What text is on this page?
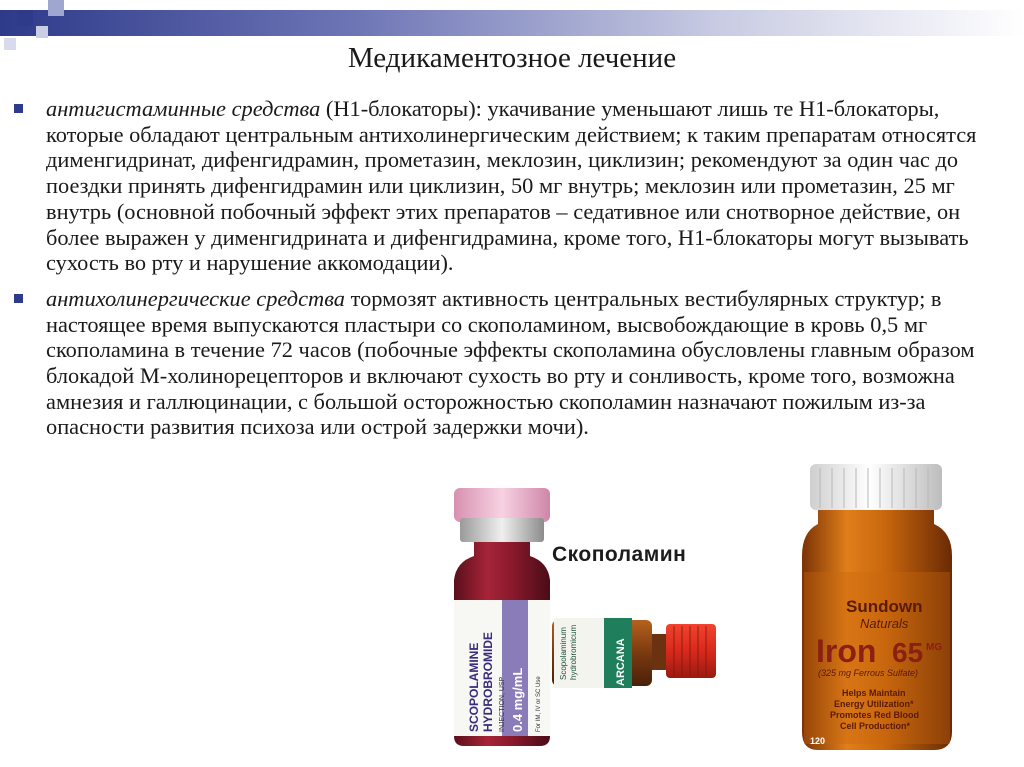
Медикаментозное лечение
антигистаминные средства (Н1-блокаторы): укачивание уменьшают лишь те Н1-блокаторы, которые обладают центральным антихолинергическим действием; к таким препаратам относятся дименгидринат, дифенгидрамин, прометазин, меклозин, циклизин; рекомендуют за один час до поездки принять дифенгидрамин или циклизин, 50 мг внутрь; меклозин или прометазин, 25 мг внутрь (основной побочный эффект этих препаратов – седативное или снотворное действие, он более выражен у дименгидрината и дифенгидрамина, кроме того, Н1-блокаторы могут вызывать сухость во рту и нарушение аккомодации).
антихолинергические средства тормозят активность центральных вестибулярных структур; в настоящее время выпускаются пластыри со скополамином, высвобождающие в кровь 0,5 мг скополамина в течение 72 часов (побочные эффекты скополамина обусловлены главным образом блокадой М-холинорецепторов и включают сухость во рту и сонливость, кроме того, возможна амнезия и галлюцинации, с большой осторожностью скополамин назначают пожилым из-за опасности развития психоза или острой задержки мочи).
Скополамин
SCOPOLAMINE HYDROBROMIDE INJECTION, USP 0.4 mg/mL For IM, IV or SC Use
Scopolaminum hydrobromicum	ARCANA
Sundown
Naturals
Iron 65 MG
(325 mg Ferrous Sulfate)
Helps Maintain
Energy Utilization*
Promotes Red Blood
Cell Production*
120
